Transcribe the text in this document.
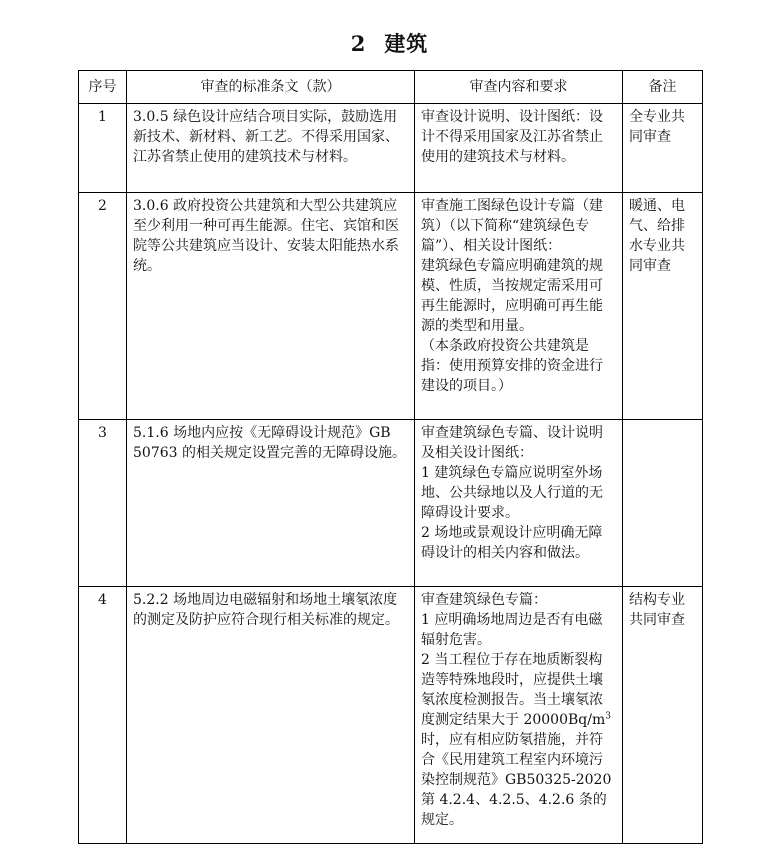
2 建筑
序号	审查的标准条文（款）	审查内容和要求	备注
1	3.0.5 绿色设计应结合项目实际，鼓励选用新技术、新材料、新工艺。不得采用国家、江苏省禁止使用的建筑技术与材料。	审查设计说明、设计图纸：设计不得采用国家及江苏省禁止使用的建筑技术与材料。	全专业共同审查
2	3.0.6 政府投资公共建筑和大型公共建筑应至少利用一种可再生能源。住宅、宾馆和医院等公共建筑应当设计、安装太阳能热水系统。	审查施工图绿色设计专篇（建筑）（以下简称“建筑绿色专篇”）、相关设计图纸：
建筑绿色专篇应明确建筑的规模、性质，当按规定需采用可再生能源时，应明确可再生能源的类型和用量。
（本条政府投资公共建筑是指：使用预算安排的资金进行建设的项目。）	暖通、电气、给排水专业共同审查
3	5.1.6 场地内应按《无障碍设计规范》GB 50763 的相关规定设置完善的无障碍设施。	审查建筑绿色专篇、设计说明及相关设计图纸：
1 建筑绿色专篇应说明室外场地、公共绿地以及人行道的无障碍设计要求。
2 场地或景观设计应明确无障碍设计的相关内容和做法。	

4	5.2.2 场地周边电磁辐射和场地土壤氡浓度的测定及防护应符合现行相关标准的规定。	审查建筑绿色专篇：
1 应明确场地周边是否有电磁辐射危害。
2 当工程位于存在地质断裂构造等特殊地段时，应提供土壤氡浓度检测报告。当土壤氡浓度测定结果大于 $20000Bq/m^3$时，应有相应防氡措施，并符合《民用建筑工程室内环境污染控制规范》GB50325-2020 第 4.2.4、4.2.5、4.2.6 条的规定。	结构专业共同审查
